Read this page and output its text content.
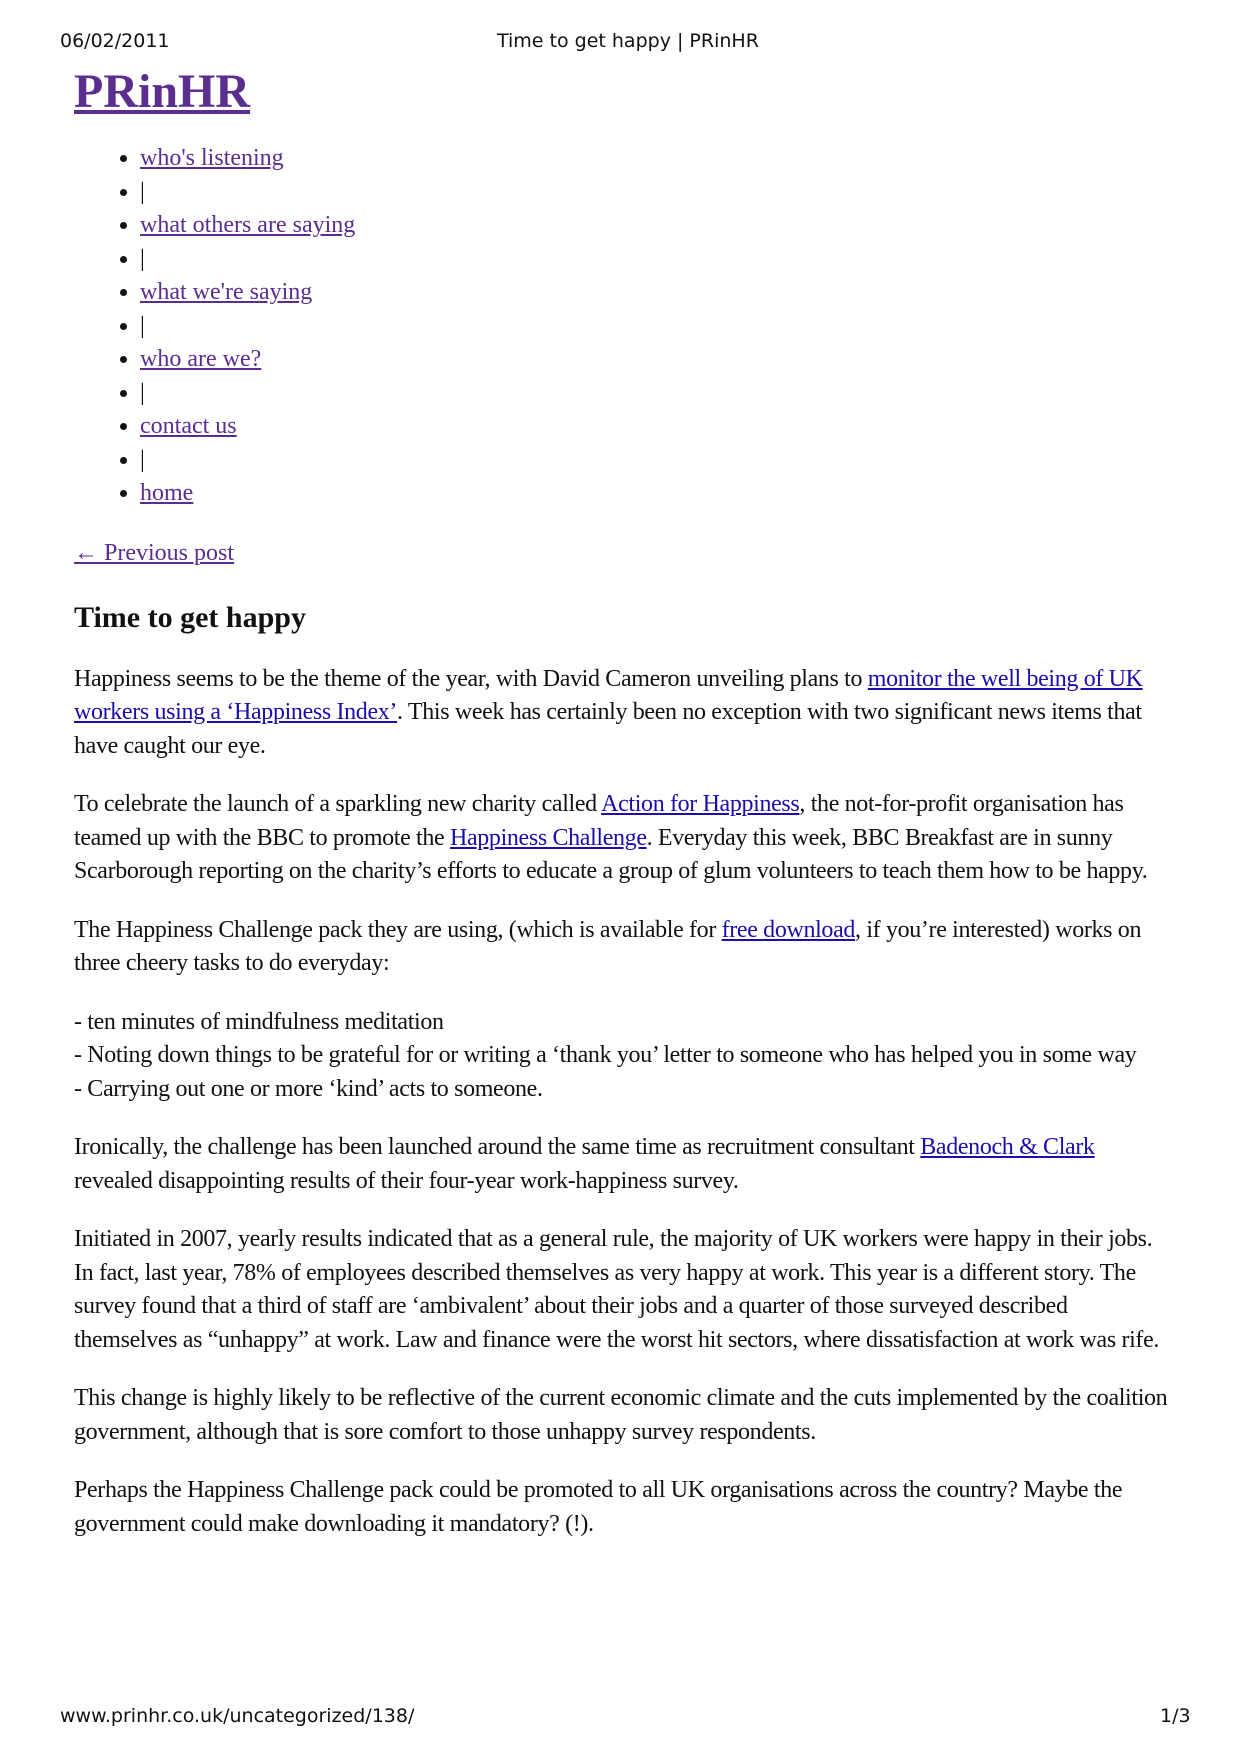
06/02/2011	Time to get happy | PRinHR
PRinHR
• who's listening
• |
• what others are saying
• |
• what we're saying
• |
• who are we?
• |
• contact us
• |
• home
← Previous post
Time to get happy

Happiness seems to be the theme of the year, with David Cameron unveiling plans to monitor the well being of UK workers using a ‘Happiness Index’. This week has certainly been no exception with two significant news items that have caught our eye.

To celebrate the launch of a sparkling new charity called Action for Happiness, the not-for-profit organisation has teamed up with the BBC to promote the Happiness Challenge. Everyday this week, BBC Breakfast are in sunny Scarborough reporting on the charity’s efforts to educate a group of glum volunteers to teach them how to be happy.

The Happiness Challenge pack they are using, (which is available for free download, if you’re interested) works on three cheery tasks to do everyday:

- ten minutes of mindfulness meditation
- Noting down things to be grateful for or writing a ‘thank you’ letter to someone who has helped you in some way
- Carrying out one or more ‘kind’ acts to someone.

Ironically, the challenge has been launched around the same time as recruitment consultant Badenoch & Clark revealed disappointing results of their four-year work-happiness survey.

Initiated in 2007, yearly results indicated that as a general rule, the majority of UK workers were happy in their jobs. In fact, last year, 78% of employees described themselves as very happy at work. This year is a different story. The survey found that a third of staff are ‘ambivalent’ about their jobs and a quarter of those surveyed described themselves as “unhappy” at work. Law and finance were the worst hit sectors, where dissatisfaction at work was rife.

This change is highly likely to be reflective of the current economic climate and the cuts implemented by the coalition government, although that is sore comfort to those unhappy survey respondents.

Perhaps the Happiness Challenge pack could be promoted to all UK organisations across the country? Maybe the government could make downloading it mandatory? (!).

www.prinhr.co.uk/uncategorized/138/	1/3
